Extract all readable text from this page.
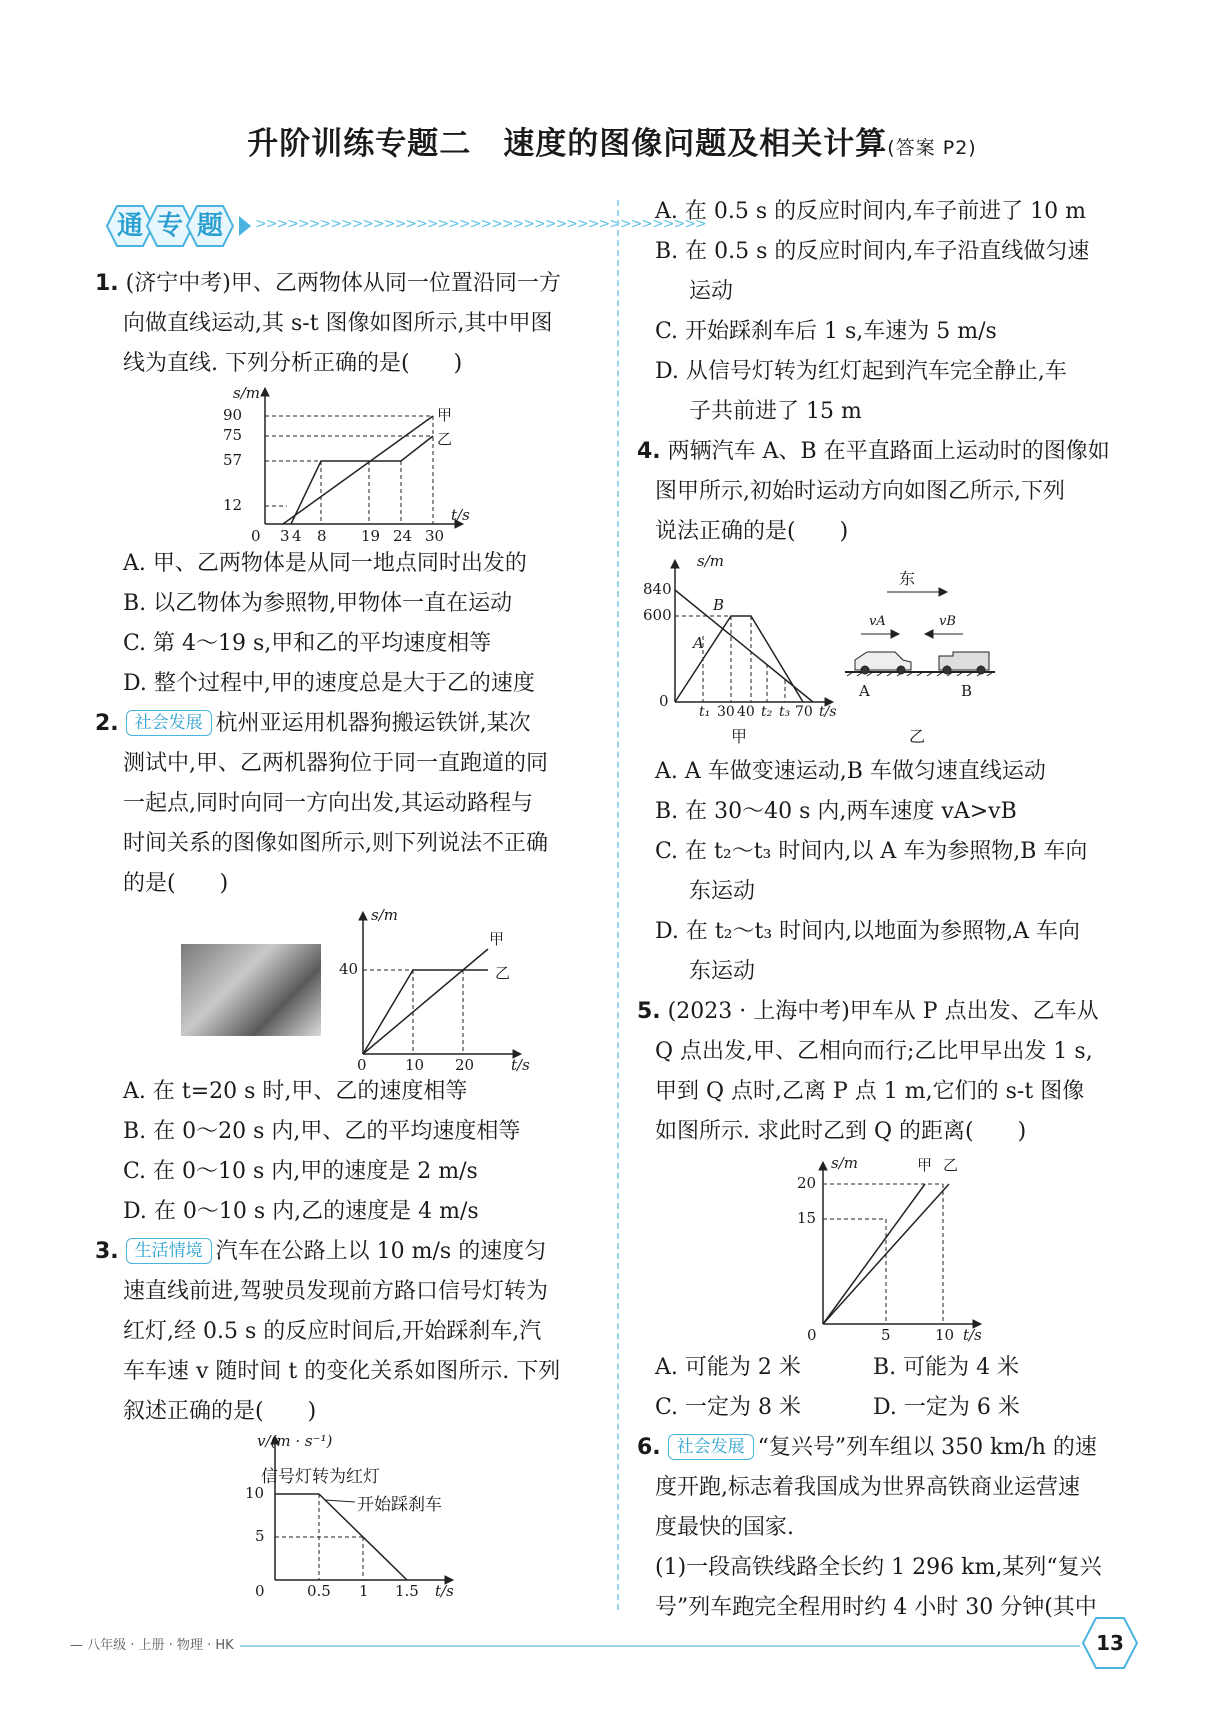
升阶训练专题二　速度的图像问题及相关计算(答案 P2)
通 专 题	>>>>>>>>>>>>>>>>>>>>>>>>>>>>>>>>>>>>>>>>>>
1. (济宁中考)甲、乙两物体从同一位置沿同一方
向做直线运动,其 s-t 图像如图所示,其中甲图
线为直线. 下列分析正确的是(　　)
s/m
90
75
57
12
0 3 4 8 19 24 30
t/s
甲
乙
A. 甲、乙两物体是从同一地点同时出发的
B. 以乙物体为参照物,甲物体一直在运动
C. 第 4～19 s,甲和乙的平均速度相等
D. 整个过程中,甲的速度总是大于乙的速度
2. 社会发展 杭州亚运用机器狗搬运铁饼,某次
测试中,甲、乙两机器狗位于同一直跑道的同
一起点,同时向同一方向出发,其运动路程与
时间关系的图像如图所示,则下列说法不正确
的是(　　)
s/m
40
0	10 20 t/s
甲
乙
A. 在 t=20 s 时,甲、乙的速度相等
B. 在 0～20 s 内,甲、乙的平均速度相等
C. 在 0～10 s 内,甲的速度是 2 m/s
D. 在 0～10 s 内,乙的速度是 4 m/s
3. 生活情境 汽车在公路上以 10 m/s 的速度匀
速直线前进,驾驶员发现前方路口信号灯转为
红灯,经 0.5 s 的反应时间后,开始踩刹车,汽
车车速 v 随时间 t 的变化关系如图所示. 下列
叙述正确的是(　　)
v/(m · s⁻¹)
信号灯转为红灯
开始踩刹车
10
5
0	0.5 1 1.5 t/s
A. 在 0.5 s 的反应时间内,车子前进了 10 m
B. 在 0.5 s 的反应时间内,车子沿直线做匀速
运动
C. 开始踩刹车后 1 s,车速为 5 m/s
D. 从信号灯转为红灯起到汽车完全静止,车
子共前进了 15 m
4. 两辆汽车 A、B 在平直路面上运动时的图像如
图甲所示,初始时运动方向如图乙所示,下列
说法正确的是(　　)
s/m
840
600
0
t₁ 30 40 t₂ t₃ 70 t/s
B
A
甲	乙
东
vA	vB
A	B
A. A 车做变速运动,B 车做匀速直线运动
B. 在 30～40 s 内,两车速度 vA>vB
C. 在 t₂～t₃ 时间内,以 A 车为参照物,B 车向
东运动
D. 在 t₂～t₃ 时间内,以地面为参照物,A 车向
东运动
5. (2023 · 上海中考)甲车从 P 点出发、乙车从
Q 点出发,甲、乙相向而行;乙比甲早出发 1 s,
甲到 Q 点时,乙离 P 点 1 m,它们的 s-t 图像
如图所示. 求此时乙到 Q 的距离(　　)
s/m
20
15
0	5	10 t/s
甲 乙
A. 可能为 2 米	B. 可能为 4 米
C. 一定为 8 米	D. 一定为 6 米
6. 社会发展 “复兴号”列车组以 350 km/h 的速
度开跑,标志着我国成为世界高铁商业运营速
度最快的国家.
(1)一段高铁线路全长约 1 296 km,某列“复兴
号”列车跑完全程用时约 4 小时 30 分钟(其中
— 八年级 · 上册 · 物理 · HK	13
